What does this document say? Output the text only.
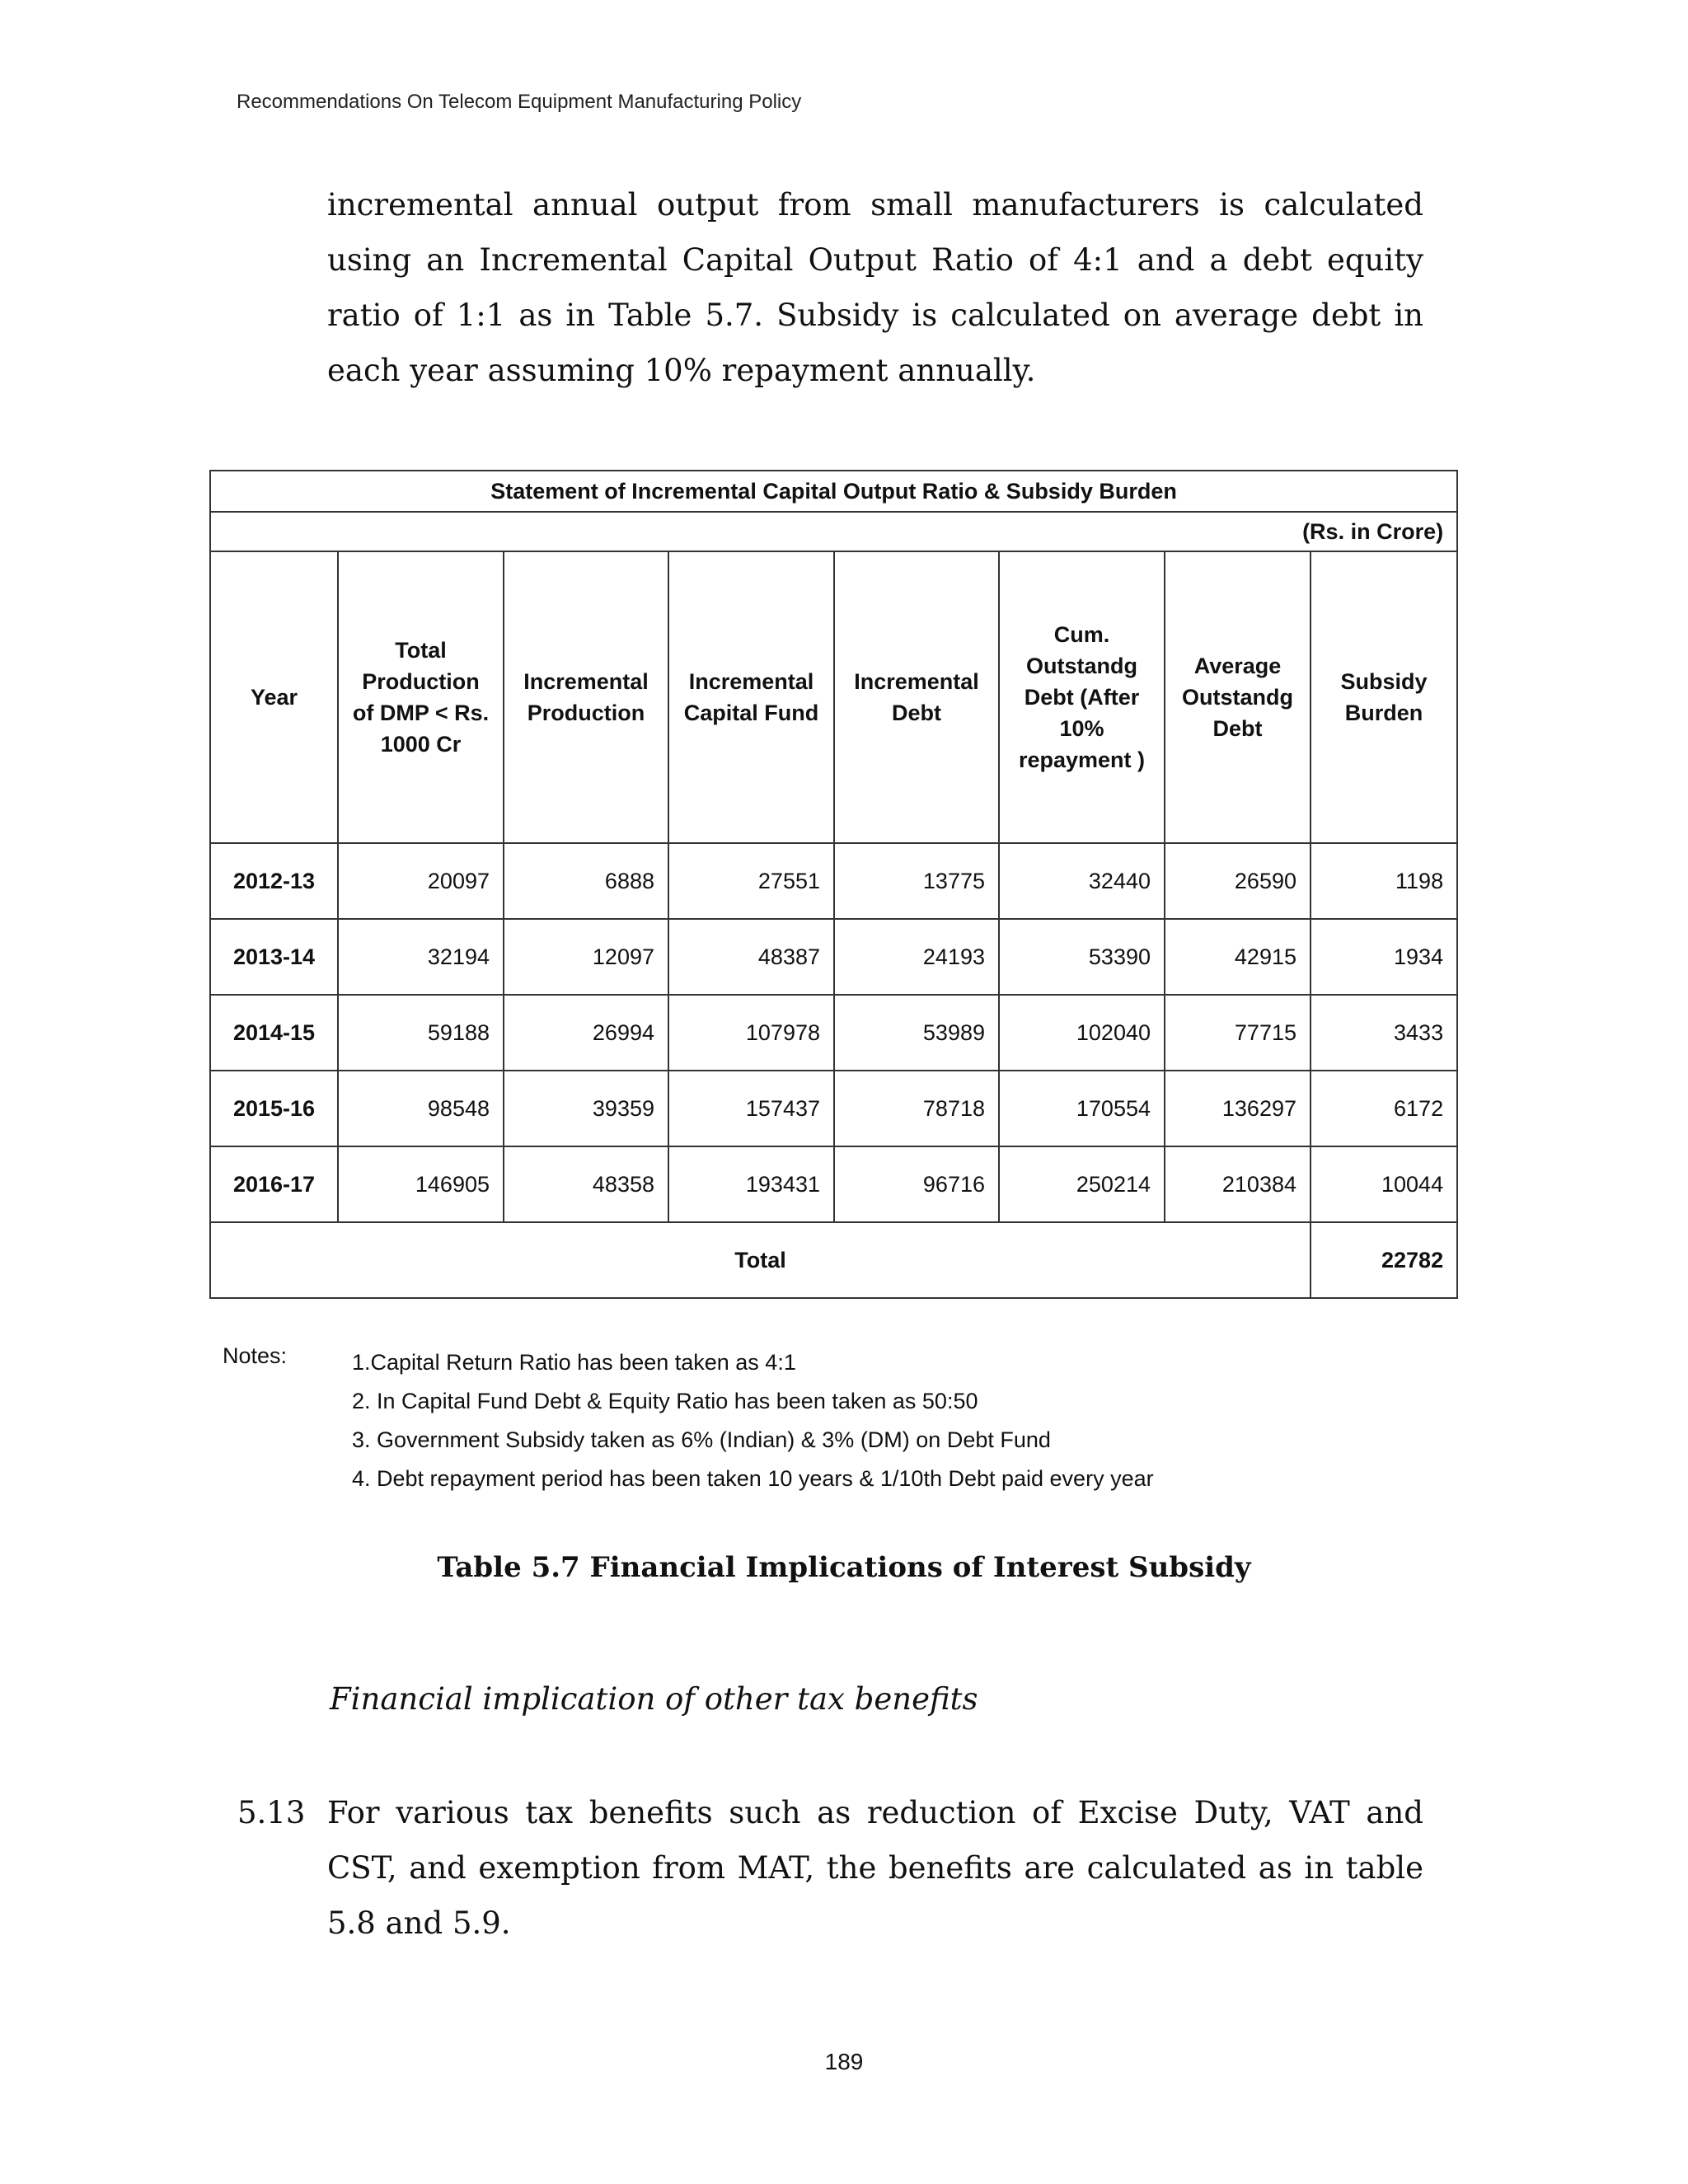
Recommendations On Telecom Equipment Manufacturing Policy
incremental annual output from small manufacturers is calculated using an Incremental Capital Output Ratio of 4:1 and a debt equity ratio of 1:1 as in Table 5.7. Subsidy is calculated on average debt in each year assuming 10% repayment annually.
Statement of Incremental Capital Output Ratio & Subsidy Burden							
(Rs. in Crore)							
Year	Total Production of DMP < Rs. 1000 Cr	Incremental Production	Incremental Capital Fund	Incremental Debt	Cum. Outstandg Debt (After 10% repayment )	Average Outstandg Debt	Subsidy Burden
2012-13	20097	6888	27551	13775	32440	26590	1198
2013-14	32194	12097	48387	24193	53390	42915	1934
2014-15	59188	26994	107978	53989	102040	77715	3433
2015-16	98548	39359	157437	78718	170554	136297	6172
2016-17	146905	48358	193431	96716	250214	210384	10044
Total							22782
Notes:	1.Capital Return Ratio has been taken as 4:1
2. In Capital Fund Debt & Equity Ratio has been taken as 50:50
3. Government Subsidy taken as 6% (Indian) & 3% (DM) on Debt Fund
4. Debt repayment period has been taken 10 years & 1/10th Debt paid every year
Table 5.7 Financial Implications of Interest Subsidy
Financial implication of other tax benefits
5.13 For various tax benefits such as reduction of Excise Duty, VAT and CST, and exemption from MAT, the benefits are calculated as in table 5.8 and 5.9.
189
